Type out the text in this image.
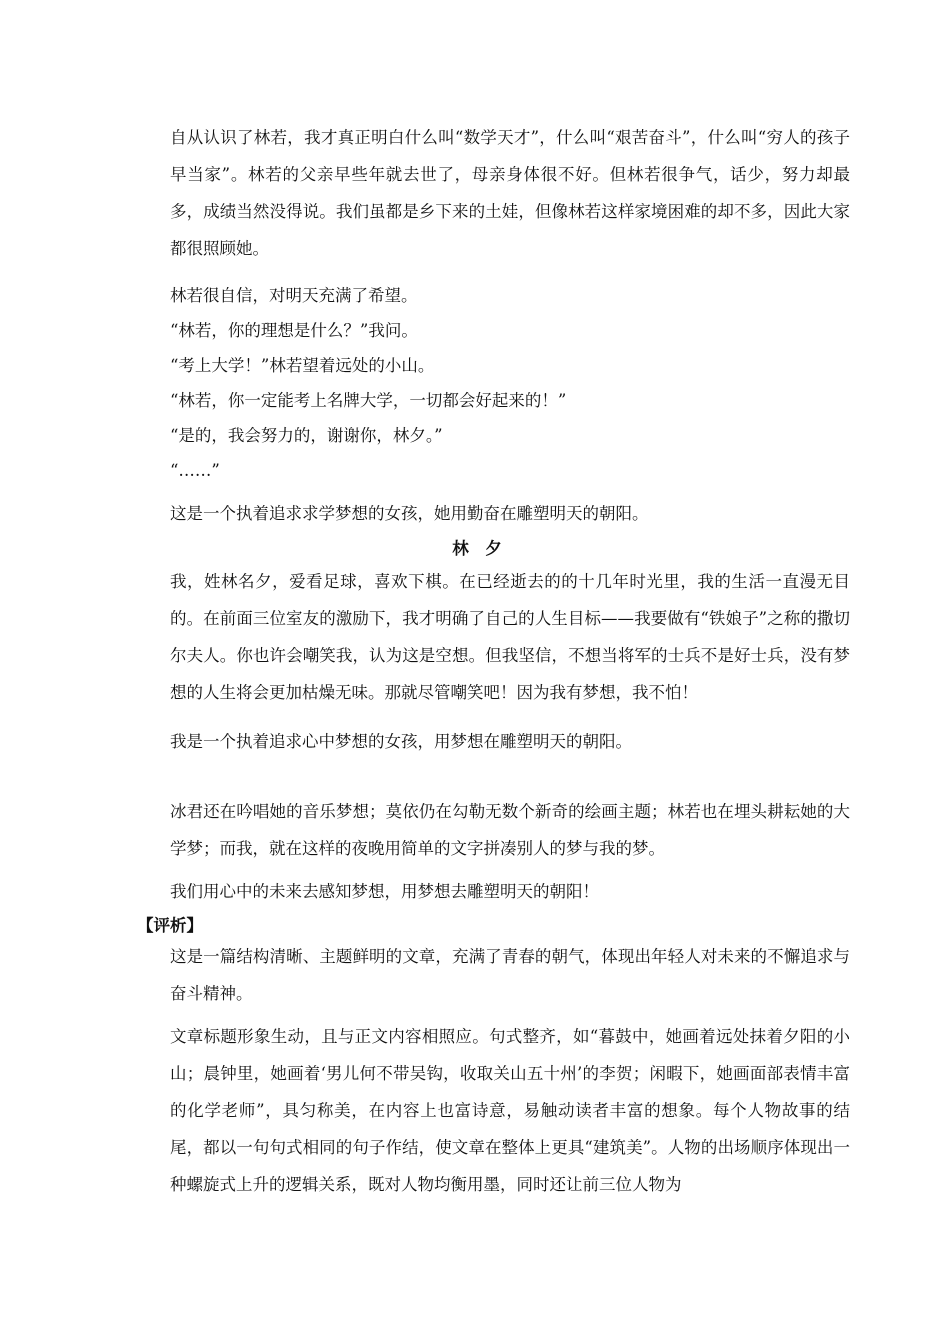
自从认识了林若，我才真正明白什么叫“数学天才”，什么叫“艰苦奋斗”，什么叫“穷人的孩子早当家”。林若的父亲早些年就去世了，母亲身体很不好。但林若很争气，话少，努力却最多，成绩当然没得说。我们虽都是乡下来的土娃，但像林若这样家境困难的却不多，因此大家都很照顾她。

林若很自信，对明天充满了希望。
“林若，你的理想是什么？”我问。
“考上大学！”林若望着远处的小山。
“林若，你一定能考上名牌大学，一切都会好起来的！”
“是的，我会努力的，谢谢你，林夕。”
“……”
这是一个执着追求求学梦想的女孩，她用勤奋在雕塑明天的朝阳。
林　夕

我，姓林名夕，爱看足球，喜欢下棋。在已经逝去的的十几年时光里，我的生活一直漫无目的。在前面三位室友的激励下，我才明确了自己的人生目标——我要做有“铁娘子”之称的撒切尔夫人。你也许会嘲笑我，认为这是空想。但我坚信，不想当将军的士兵不是好士兵，没有梦想的人生将会更加枯燥无味。那就尽管嘲笑吧！因为我有梦想，我不怕！

我是一个执着追求心中梦想的女孩，用梦想在雕塑明天的朝阳。

冰君还在吟唱她的音乐梦想；莫依仍在勾勒无数个新奇的绘画主题；林若也在埋头耕耘她的大学梦；而我，就在这样的夜晚用简单的文字拼凑别人的梦与我的梦。

我们用心中的未来去感知梦想，用梦想去雕塑明天的朝阳！
【评析】

这是一篇结构清晰、主题鲜明的文章，充满了青春的朝气，体现出年轻人对未来的不懈追求与奋斗精神。

文章标题形象生动，且与正文内容相照应。句式整齐，如“暮鼓中，她画着远处抹着夕阳的小山；晨钟里，她画着‘男儿何不带吴钩，收取关山五十州’的李贺；闲暇下，她画面部表情丰富的化学老师”，具匀称美，在内容上也富诗意，易触动读者丰富的想象。每个人物故事的结尾，都以一句句式相同的句子作结，使文章在整体上更具“建筑美”。人物的出场顺序体现出一种螺旋式上升的逻辑关系，既对人物均衡用墨，同时还让前三位人物为
